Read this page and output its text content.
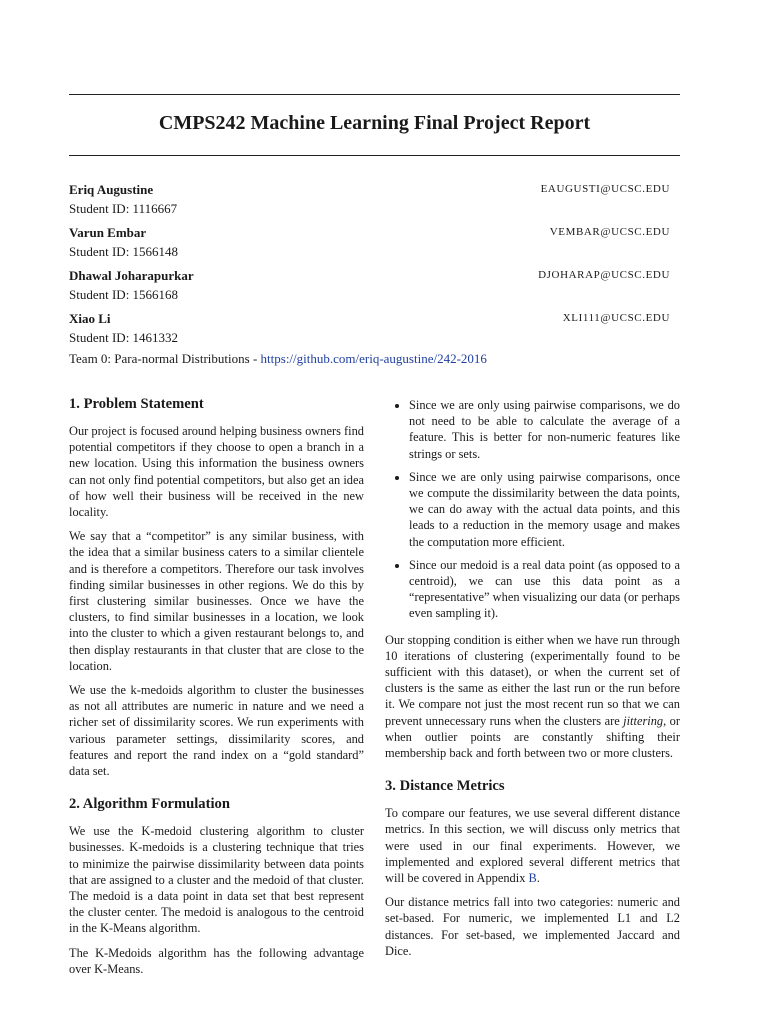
CMPS242 Machine Learning Final Project Report
Eriq Augustine
Student ID: 1116667
EAUGUSTI@UCSC.EDU
Varun Embar
Student ID: 1566148
VEMBAR@UCSC.EDU
Dhawal Joharapurkar
Student ID: 1566168
DJOHARAP@UCSC.EDU
Xiao Li
Student ID: 1461332
XLI111@UCSC.EDU
Team 0: Para-normal Distributions - https://github.com/eriq-augustine/242-2016
1. Problem Statement

Our project is focused around helping business owners find potential competitors if they choose to open a branch in a new location. Using this information the business owners can not only find potential competitors, but also get an idea of how well their business will be received in the new locality.

We say that a “competitor” is any similar business, with the idea that a similar business caters to a similar clientele and is therefore a competitors. Therefore our task involves finding similar businesses in other regions. We do this by first clustering similar businesses. Once we have the clusters, to find similar businesses in a location, we look into the cluster to which a given restaurant belongs to, and then display restaurants in that cluster that are close to the location.

We use the k-medoids algorithm to cluster the businesses as not all attributes are numeric in nature and we need a richer set of dissimilarity scores. We run experiments with various parameter settings, dissimilarity scores, and features and report the rand index on a “gold standard” data set.

2. Algorithm Formulation

We use the K-medoid clustering algorithm to cluster businesses. K-medoids is a clustering technique that tries to minimize the pairwise dissimilarity between data points that are assigned to a cluster and the medoid of that cluster. The medoid is a data point in data set that best represent the cluster center. The medoid is analogous to the centroid in the K-Means algorithm.

The K-Medoids algorithm has the following advantage over K-Means.

• Since we are only using pairwise comparisons, we do not need to be able to calculate the average of a feature. This is better for non-numeric features like strings or sets.
• Since we are only using pairwise comparisons, once we compute the dissimilarity between the data points, we can do away with the actual data points, and this leads to a reduction in the memory usage and makes the computation more efficient.
• Since our medoid is a real data point (as opposed to a centroid), we can use this data point as a “representative” when visualizing our data (or perhaps even sampling it).

Our stopping condition is either when we have run through 10 iterations of clustering (experimentally found to be sufficient with this dataset), or when the current set of clusters is the same as either the last run or the run before it. We compare not just the most recent run so that we can prevent unnecessary runs when the clusters are jittering, or when outlier points are constantly shifting their membership back and forth between two or more clusters.

3. Distance Metrics

To compare our features, we use several different distance metrics. In this section, we will discuss only metrics that were used in our final experiments. However, we implemented and explored several different metrics that will be covered in Appendix B.

Our distance metrics fall into two categories: numeric and set-based. For numeric, we implemented L1 and L2 distances. For set-based, we implemented Jaccard and Dice.
